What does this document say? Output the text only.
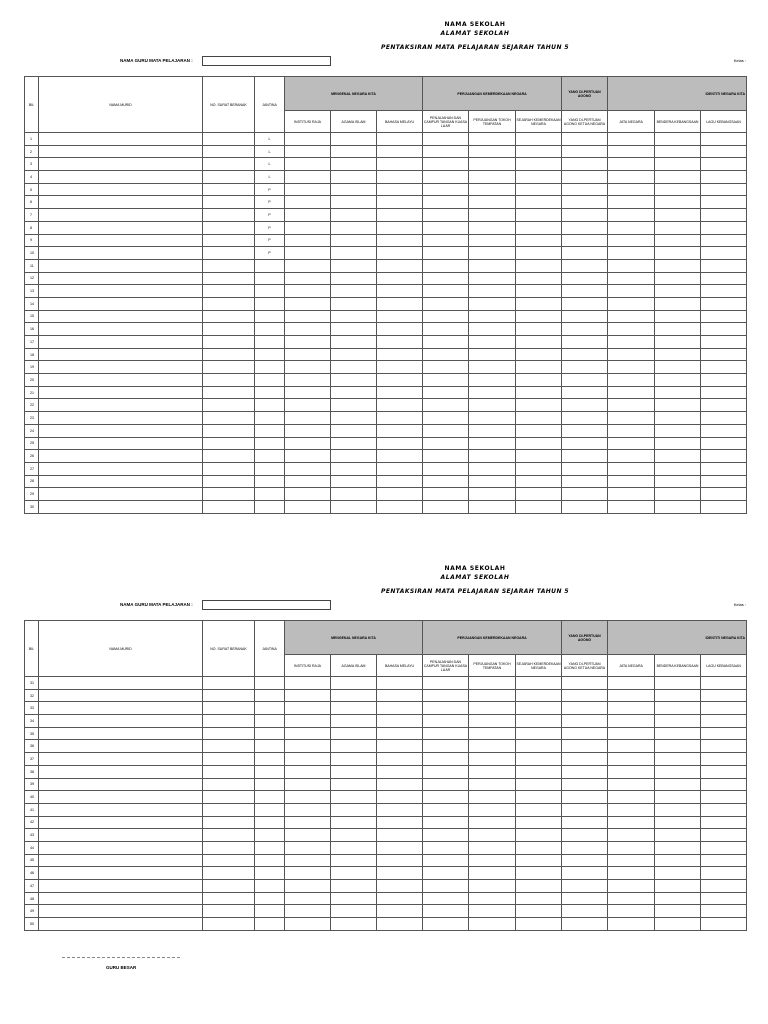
NAMA SEKOLAH
ALAMAT SEKOLAH
PENTAKSIRAN MATA PELAJARAN SEJARAH TAHUN 5
NAMA GURU MATA PELAJARAN :	Kelas :
BIL	NAMA MURID	NO. SURAT BERANAK	JANTINA	MENGENAL NEGARA KITA			PERJUANGAN KEMERDEKAAN NEGARA			YANG DI-PERTUAN AGONG	IDENTITI NEGARA KITA		
				INSTITUSI RAJA	AGAMA ISLAM	BAHASA MELAYU	PENJAJAHAN DAN CAMPUR TANGAN KUASA LUAR	PERJUANGAN TOKOH TEMPATAN	SEJARAH KEMERDEKAAN NEGARA	YANG DI-PERTUAN AGONG KETUA NEGARA	JATA NEGARA	BENDERA KEBANGSAAN	LAGU KEBANGSAAN
1			L										
2			L										
3			L										
4			L										
5			P										
6			P										
7			P										
8			P										
9			P										
10			P										
11													
12													
13													
14													
15													
16													
17													
18													
19													
20													
21													
22													
23													
24													
25													
26													
27													
28													
29													
30													
NAMA SEKOLAH
ALAMAT SEKOLAH
PENTAKSIRAN MATA PELAJARAN SEJARAH TAHUN 5
NAMA GURU MATA PELAJARAN :	Kelas :
BIL	NAMA MURID	NO. SURAT BERANAK	JANTINA	MENGENAL NEGARA KITA			PERJUANGAN KEMERDEKAAN NEGARA			YANG DI-PERTUAN AGONG	IDENTITI NEGARA KITA		
				INSTITUSI RAJA	AGAMA ISLAM	BAHASA MELAYU	PENJAJAHAN DAN CAMPUR TANGAN KUASA LUAR	PERJUANGAN TOKOH TEMPATAN	SEJARAH KEMERDEKAAN NEGARA	YANG DI-PERTUAN AGONG KETUA NEGARA	JATA NEGARA	BENDERA KEBANGSAAN	LAGU KEBANGSAAN
31													
32													
33													
34													
35													
36													
37													
38													
39													
40													
41													
42													
43													
44													
45													
46													
47													
48													
49													
50													
GURU BESAR
